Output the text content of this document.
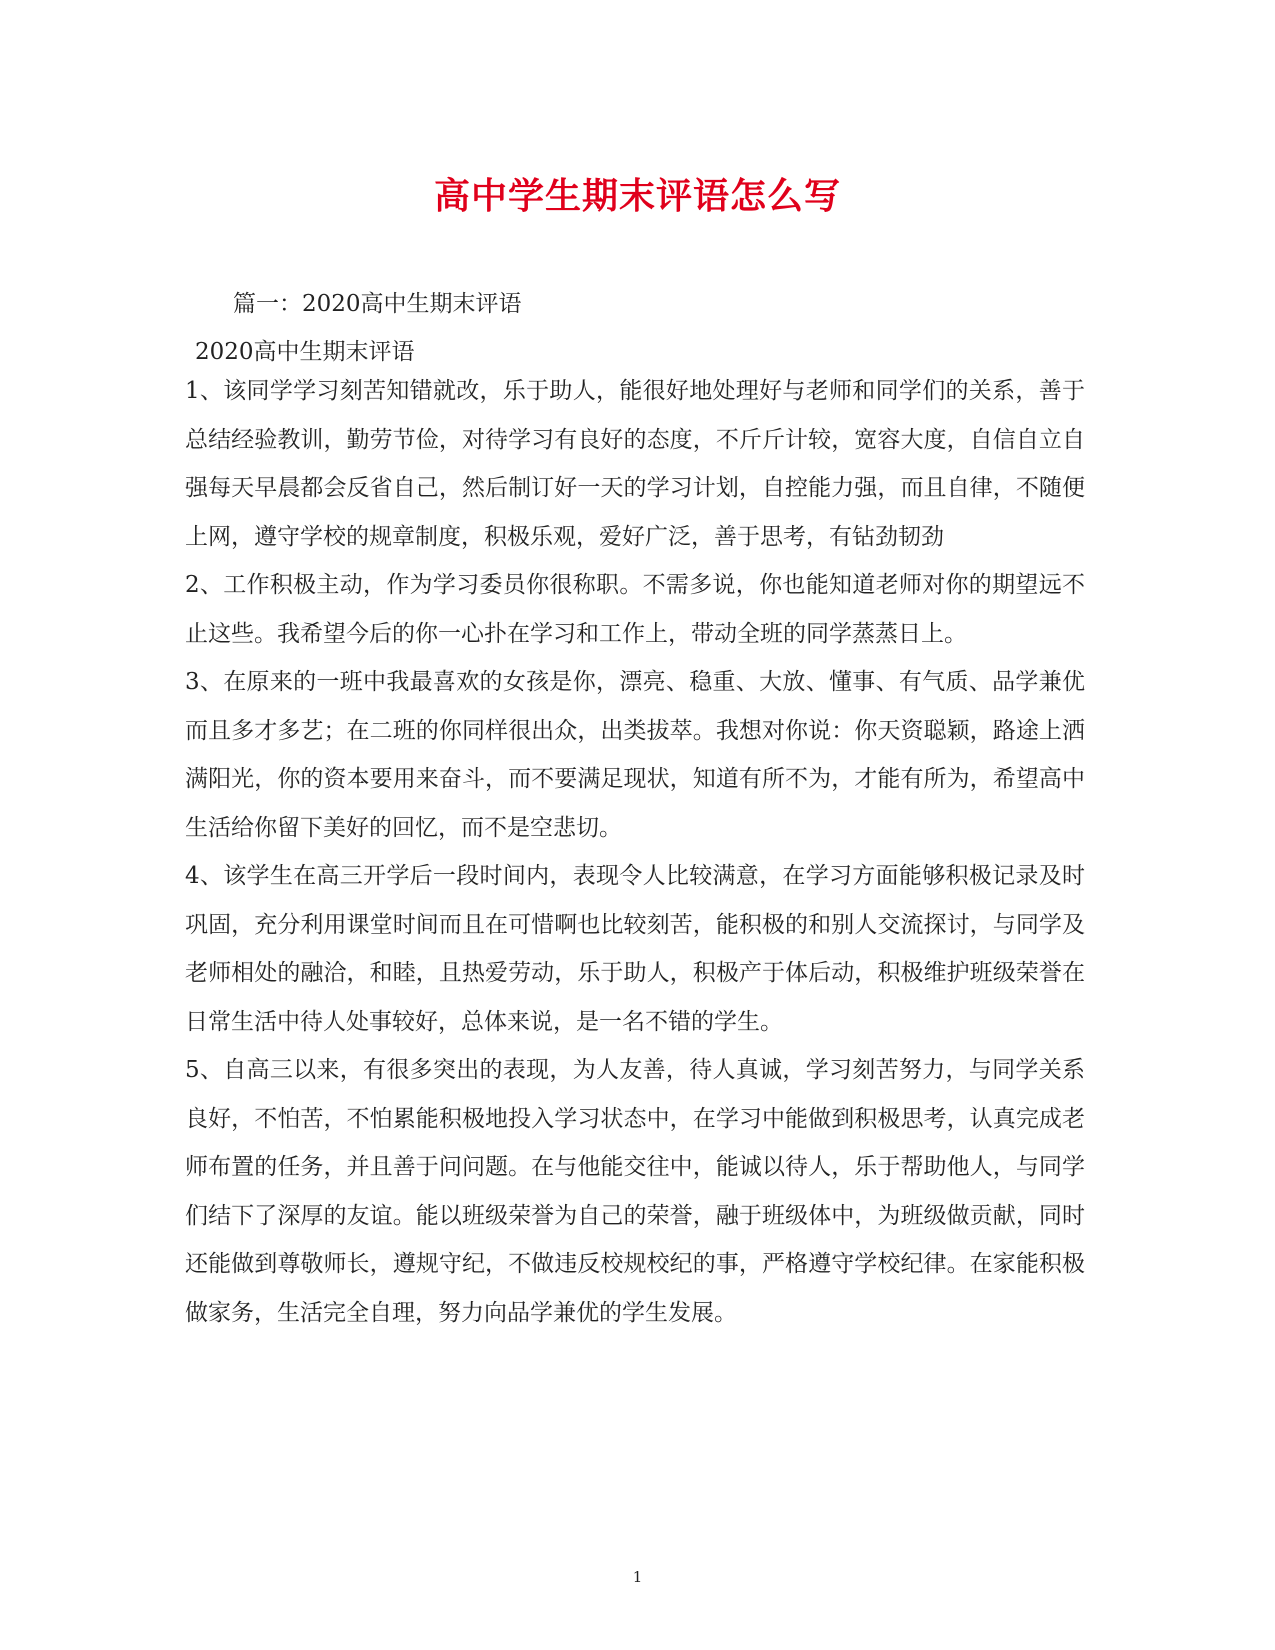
高中学生期末评语怎么写

篇一：2020高中生期末评语

2020高中生期末评语

1、该同学学习刻苦知错就改，乐于助人，能很好地处理好与老师和同学们的关系，善于总结经验教训，勤劳节俭，对待学习有良好的态度，不斤斤计较，宽容大度，自信自立自强每天早晨都会反省自己，然后制订好一天的学习计划，自控能力强，而且自律，不随便上网，遵守学校的规章制度，积极乐观，爱好广泛，善于思考，有钻劲韧劲

2、工作积极主动，作为学习委员你很称职。不需多说，你也能知道老师对你的期望远不止这些。我希望今后的你一心扑在学习和工作上，带动全班的同学蒸蒸日上。

3、在原来的一班中我最喜欢的女孩是你，漂亮、稳重、大放、懂事、有气质、品学兼优而且多才多艺；在二班的你同样很出众，出类拔萃。我想对你说：你天资聪颖，路途上洒满阳光，你的资本要用来奋斗，而不要满足现状，知道有所不为，才能有所为，希望高中生活给你留下美好的回忆，而不是空悲切。

4、该学生在高三开学后一段时间内，表现令人比较满意，在学习方面能够积极记录及时巩固，充分利用课堂时间而且在可惜啊也比较刻苦，能积极的和别人交流探讨，与同学及老师相处的融洽，和睦，且热爱劳动，乐于助人，积极产于体后动，积极维护班级荣誉在日常生活中待人处事较好，总体来说，是一名不错的学生。

5、自高三以来，有很多突出的表现，为人友善，待人真诚，学习刻苦努力，与同学关系良好，不怕苦，不怕累能积极地投入学习状态中，在学习中能做到积极思考，认真完成老师布置的任务，并且善于问问题。在与他能交往中，能诚以待人，乐于帮助他人，与同学们结下了深厚的友谊。能以班级荣誉为自己的荣誉，融于班级体中，为班级做贡献，同时还能做到尊敬师长，遵规守纪，不做违反校规校纪的事，严格遵守学校纪律。在家能积极做家务，生活完全自理，努力向品学兼优的学生发展。

1
